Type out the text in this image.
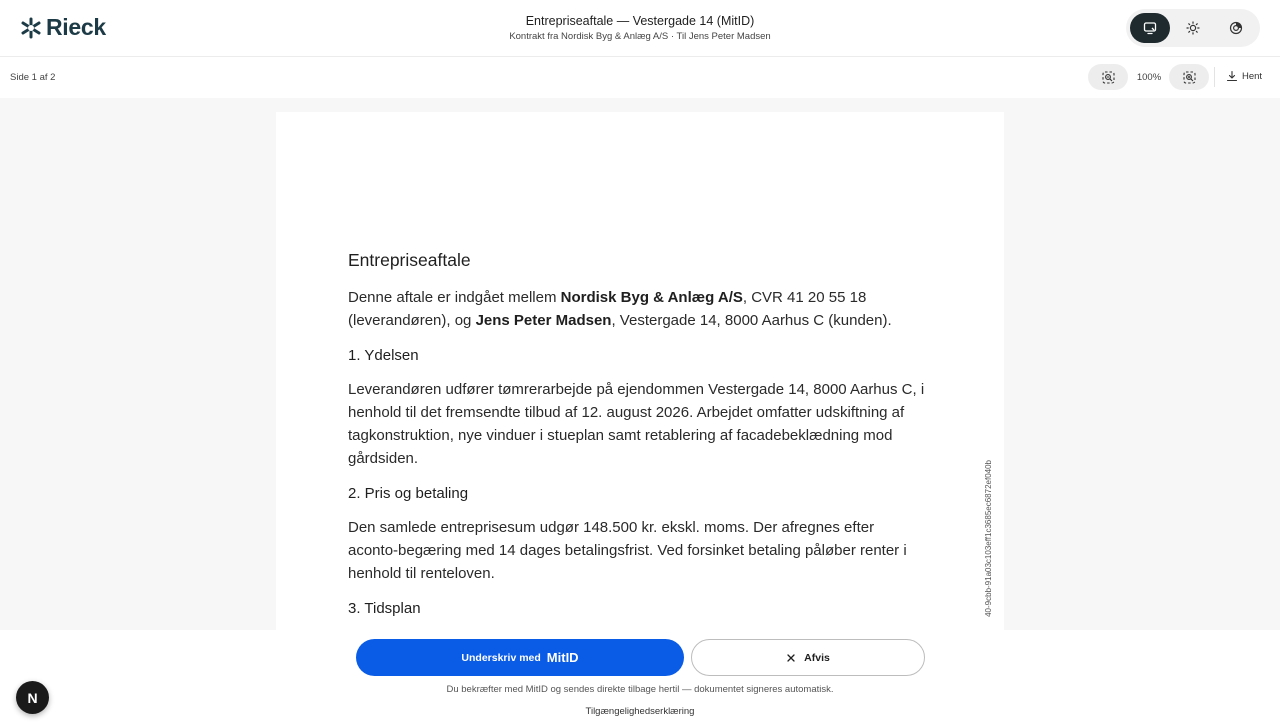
Rieck	Entrepriseaftale — Vestergade 14 (MitID)
Kontrakt fra Nordisk Byg & Anlæg A/S · Til Jens Peter Madsen
Side 1 af 2	100%	Hent
Entrepriseaftale

Denne aftale er indgået mellem Nordisk Byg & Anlæg A/S, CVR 41 20 55 18 (leverandøren), og Jens Peter Madsen, Vestergade 14, 8000 Aarhus C (kunden).

1. Ydelsen

Leverandøren udfører tømrerarbejde på ejendommen Vestergade 14, 8000 Aarhus C, i henhold til det fremsendte tilbud af 12. august 2026. Arbejdet omfatter udskiftning af tagkonstruktion, nye vinduer i stueplan samt retablering af facadebeklædning mod gårdsiden.

2. Pris og betaling

Den samlede entreprisesum udgør 148.500 kr. ekskl. moms. Der afregnes efter aconto-begæring med 14 dages betalingsfrist. Ved forsinket betaling påløber renter i henhold til renteloven.

3. Tidsplan	40-9cbb-91a03c103eff1c3685ec6872ef040b
Underskriv med MitID	Afvis
Du bekræfter med MitID og sendes direkte tilbage hertil — dokumentet signeres automatisk.
Tilgængelighedserklæring
N
